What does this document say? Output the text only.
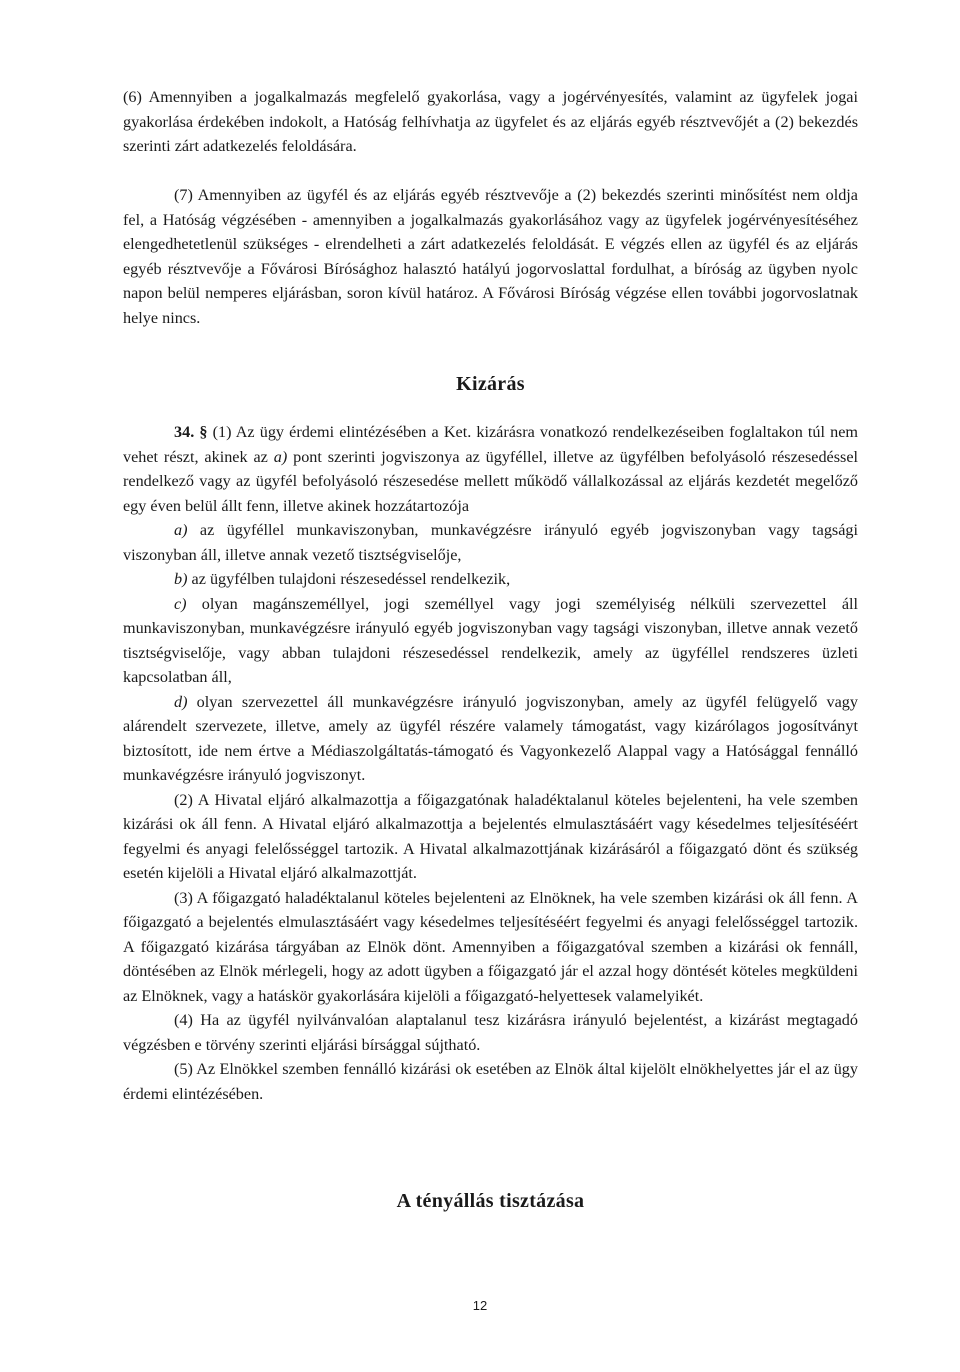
(6) Amennyiben a jogalkalmazás megfelelő gyakorlása, vagy a jogérvényesítés, valamint az ügyfelek jogai gyakorlása érdekében indokolt, a Hatóság felhívhatja az ügyfelet és az eljárás egyéb résztvevőjét a (2) bekezdés szerinti zárt adatkezelés feloldására.

(7) Amennyiben az ügyfél és az eljárás egyéb résztvevője a (2) bekezdés szerinti minősítést nem oldja fel, a Hatóság végzésében - amennyiben a jogalkalmazás gyakorlásához vagy az ügyfelek jogérvényesítéséhez elengedhetetlenül szükséges - elrendelheti a zárt adatkezelés feloldását. E végzés ellen az ügyfél és az eljárás egyéb résztvevője a Fővárosi Bírósághoz halasztó hatályú jogorvoslattal fordulhat, a bíróság az ügyben nyolc napon belül nemperes eljárásban, soron kívül határoz. A Fővárosi Bíróság végzése ellen további jogorvoslatnak helye nincs.

Kizárás

34. § (1) Az ügy érdemi elintézésében a Ket. kizárásra vonatkozó rendelkezéseiben foglaltakon túl nem vehet részt, akinek az a) pont szerinti jogviszonya az ügyféllel, illetve az ügyfélben befolyásoló részesedéssel rendelkező vagy az ügyfél befolyásoló részesedése mellett működő vállalkozással az eljárás kezdetét megelőző egy éven belül állt fenn, illetve akinek hozzátartozója

a) az ügyféllel munkaviszonyban, munkavégzésre irányuló egyéb jogviszonyban vagy tagsági viszonyban áll, illetve annak vezető tisztségviselője,

b) az ügyfélben tulajdoni részesedéssel rendelkezik,

c) olyan magánszeméllyel, jogi személlyel vagy jogi személyiség nélküli szervezettel áll munkaviszonyban, munkavégzésre irányuló egyéb jogviszonyban vagy tagsági viszonyban, illetve annak vezető tisztségviselője, vagy abban tulajdoni részesedéssel rendelkezik, amely az ügyféllel rendszeres üzleti kapcsolatban áll,

d) olyan szervezettel áll munkavégzésre irányuló jogviszonyban, amely az ügyfél felügyelő vagy alárendelt szervezete, illetve, amely az ügyfél részére valamely támogatást, vagy kizárólagos jogosítványt biztosított, ide nem értve a Médiaszolgáltatás-támogató és Vagyonkezelő Alappal vagy a Hatósággal fennálló munkavégzésre irányuló jogviszonyt.

(2) A Hivatal eljáró alkalmazottja a főigazgatónak haladéktalanul köteles bejelenteni, ha vele szemben kizárási ok áll fenn. A Hivatal eljáró alkalmazottja a bejelentés elmulasztásáért vagy késedelmes teljesítéséért fegyelmi és anyagi felelősséggel tartozik. A Hivatal alkalmazottjának kizárásáról a főigazgató dönt és szükség esetén kijelöli a Hivatal eljáró alkalmazottját.

(3) A főigazgató haladéktalanul köteles bejelenteni az Elnöknek, ha vele szemben kizárási ok áll fenn. A főigazgató a bejelentés elmulasztásáért vagy késedelmes teljesítéséért fegyelmi és anyagi felelősséggel tartozik. A főigazgató kizárása tárgyában az Elnök dönt. Amennyiben a főigazgatóval szemben a kizárási ok fennáll, döntésében az Elnök mérlegeli, hogy az adott ügyben a főigazgató jár el azzal hogy döntését köteles megküldeni az Elnöknek, vagy a hatáskör gyakorlására kijelöli a főigazgató-helyettesek valamelyikét.

(4) Ha az ügyfél nyilvánvalóan alaptalanul tesz kizárásra irányuló bejelentést, a kizárást megtagadó végzésben e törvény szerinti eljárási bírsággal sújtható.

(5) Az Elnökkel szemben fennálló kizárási ok esetében az Elnök által kijelölt elnökhelyettes jár el az ügy érdemi elintézésében.

A tényállás tisztázása
12
